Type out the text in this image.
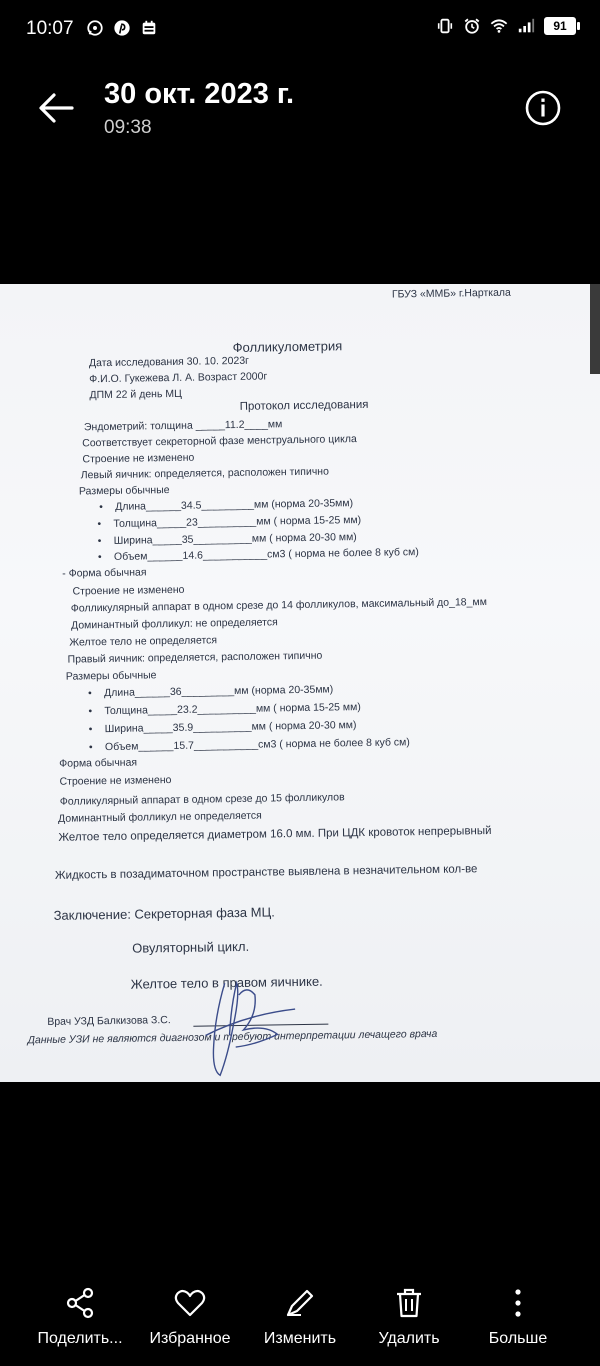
10:07	91
30 окт. 2023 г.
09:38
ГБУЗ «ММБ» г.Нарткала
Фолликулометрия
Дата исследования 30. 10. 2023г
Ф.И.О. Гукежева Л. А. Возраст 2000г
ДПМ 22 й день МЦ
Протокол исследования
Эндометрий: толщина _____11.2____мм
Соответствует секреторной фазе менструального цикла
Строение не изменено
Левый яичник: определяется, расположен типично
Размеры обычные
• Длина______34.5_________мм (норма 20-35мм)
• Толщина_____23__________мм ( норма 15-25 мм)
• Ширина_____35__________мм ( норма 20-30 мм)
• Объем______14.6___________см3 ( норма не более 8 куб см)
- Форма обычная
Строение не изменено
Фолликулярный аппарат в одном срезе до 14 фолликулов, максимальный до_18_мм
Доминантный фолликул: не определяется
Желтое тело не определяется
Правый яичник: определяется, расположен типично
Размеры обычные
• Длина______36_________мм (норма 20-35мм)
• Толщина_____23.2__________мм ( норма 15-25 мм)
• Ширина_____35.9__________мм ( норма 20-30 мм)
• Объем______15.7___________см3 ( норма не более 8 куб см)
Форма обычная
Строение не изменено
Фолликулярный аппарат в одном срезе до 15 фолликулов
Доминантный фолликул не определяется
Желтое тело определяется диаметром 16.0 мм. При ЦДК кровоток непрерывный
Жидкость в позадиматочном пространстве выявлена в незначительном кол-ве
Заключение: Секреторная фаза МЦ.
Овуляторный цикл.
Желтое тело в правом яичнике.
Врач УЗД Балкизова З.С.
Данные УЗИ не являются диагнозом и требуют интерпретации лечащего врача
Поделить... Избранное Изменить	Удалить	Больше
